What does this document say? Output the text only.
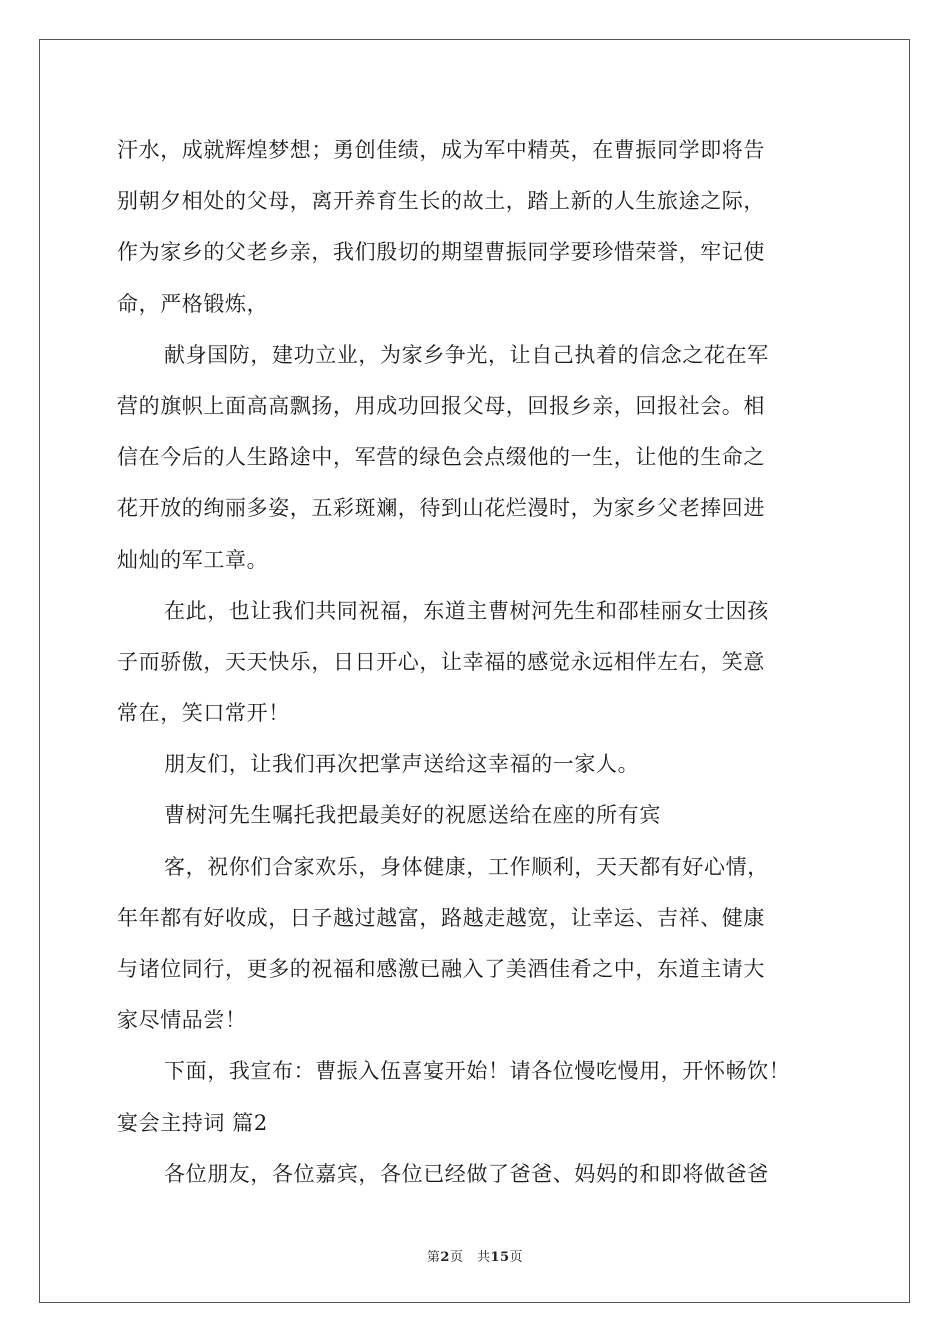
汗水，成就辉煌梦想；勇创佳绩，成为军中精英，在曹振同学即将告
别朝夕相处的父母，离开养育生长的故土，踏上新的人生旅途之际，
作为家乡的父老乡亲，我们殷切的期望曹振同学要珍惜荣誉，牢记使
命，严格锻炼，
献身国防，建功立业，为家乡争光，让自己执着的信念之花在军
营的旗帜上面高高飘扬，用成功回报父母，回报乡亲，回报社会。相
信在今后的人生路途中，军营的绿色会点缀他的一生，让他的生命之
花开放的绚丽多姿，五彩斑斓，待到山花烂漫时，为家乡父老捧回进
灿灿的军工章。
在此，也让我们共同祝福，东道主曹树河先生和邵桂丽女士因孩
子而骄傲，天天快乐，日日开心，让幸福的感觉永远相伴左右，笑意
常在，笑口常开！
朋友们，让我们再次把掌声送给这幸福的一家人。
曹树河先生嘱托我把最美好的祝愿送给在座的所有宾
客，祝你们合家欢乐，身体健康，工作顺利，天天都有好心情，
年年都有好收成，日子越过越富，路越走越宽，让幸运、吉祥、健康
与诸位同行，更多的祝福和感激已融入了美酒佳肴之中，东道主请大
家尽情品尝！
下面，我宣布：曹振入伍喜宴开始！请各位慢吃慢用，开怀畅饮！
宴会主持词 篇2
各位朋友，各位嘉宾，各位已经做了爸爸、妈妈的和即将做爸爸
第2页　共15页
